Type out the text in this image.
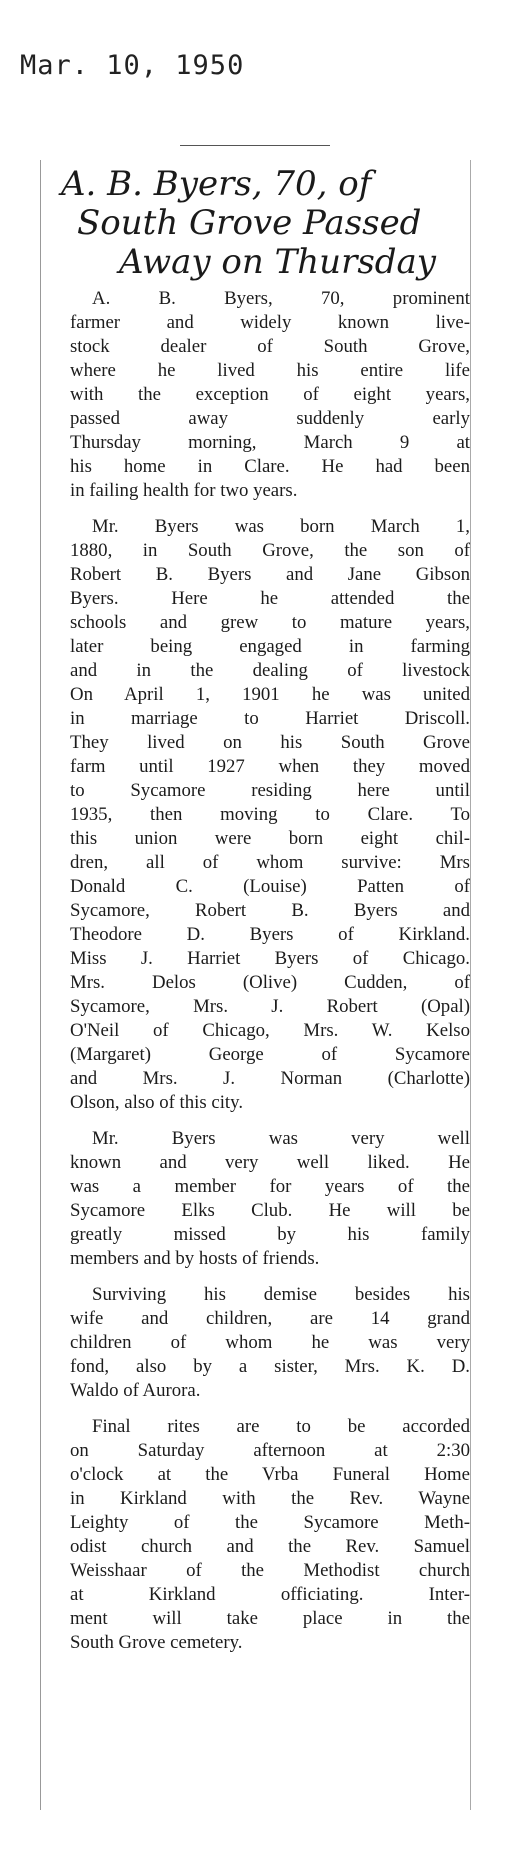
Mar. 10, 1950
A. B. Byers, 70, of
South Grove Passed
Away on Thursday
A. B. Byers, 70, prominent
farmer and widely known live-
stock dealer of South Grove,
where he lived his entire life
with the exception of eight years,
passed away suddenly early
Thursday morning, March 9 at
his home in Clare. He had been
in failing health for two years.
Mr. Byers was born March 1,
1880, in South Grove, the son of
Robert B. Byers and Jane Gibson
Byers. Here he attended the
schools and grew to mature years,
later being engaged in farming
and in the dealing of livestock
On April 1, 1901 he was united
in marriage to Harriet Driscoll.
They lived on his South Grove
farm until 1927 when they moved
to Sycamore residing here until
1935, then moving to Clare. To
this union were born eight chil-
dren, all of whom survive: Mrs
Donald C. (Louise) Patten of
Sycamore, Robert B. Byers and
Theodore D. Byers of Kirkland.
Miss J. Harriet Byers of Chicago.
Mrs. Delos (Olive) Cudden, of
Sycamore, Mrs. J. Robert (Opal)
O'Neil of Chicago, Mrs. W. Kelso
(Margaret) George of Sycamore
and Mrs. J. Norman (Charlotte)
Olson, also of this city.
Mr. Byers was very well
known and very well liked. He
was a member for years of the
Sycamore Elks Club. He will be
greatly missed by his family
members and by hosts of friends.
Surviving his demise besides his
wife and children, are 14 grand
children of whom he was very
fond, also by a sister, Mrs. K. D.
Waldo of Aurora.
Final rites are to be accorded
on Saturday afternoon at 2:30
o'clock at the Vrba Funeral Home
in Kirkland with the Rev. Wayne
Leighty of the Sycamore Meth-
odist church and the Rev. Samuel
Weisshaar of the Methodist church
at Kirkland officiating. Inter-
ment will take place in the
South Grove cemetery.
